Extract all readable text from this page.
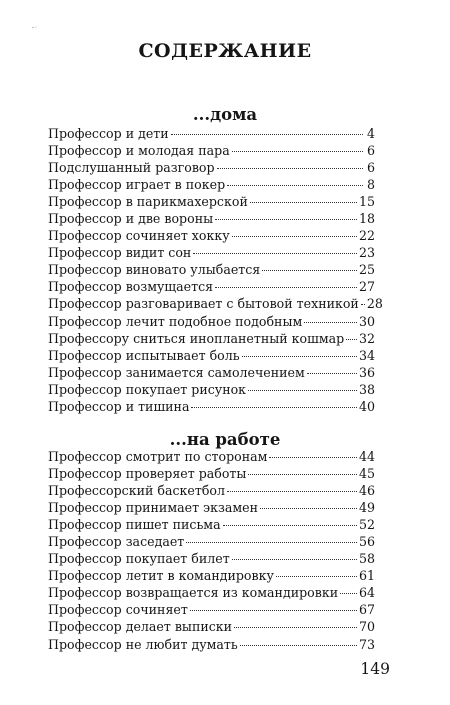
СОДЕРЖАНИЕ
...дома
Профессор и дети	4
Профессор и молодая пара	6
Подслушанный разговор	6
Профессор играет в покер	8
Профессор в парикмахерской	15
Профессор и две вороны	18
Профессор сочиняет хокку	22
Профессор видит сон	23
Профессор виновато улыбается	25
Профессор возмущается	27
Профессор разговаривает с бытовой техникой 28
Профессор лечит подобное подобным	30
Профессору сниться инопланетный кошмар 32
Профессор испытывает боль	34
Профессор занимается самолечением	36
Профессор покупает рисунок	38
Профессор и тишина	40
...на работе
Профессор смотрит по сторонам	44
Профессор проверяет работы	45
Профессорский баскетбол	46
Профессор принимает экзамен	49
Профессор пишет письма	52
Профессор заседает	56
Профессор покупает билет	58
Профессор летит в командировку	61
Профессор возвращается из командировки 64
Профессор сочиняет	67
Профессор делает выписки	70
Профессор не любит думать	73

149
